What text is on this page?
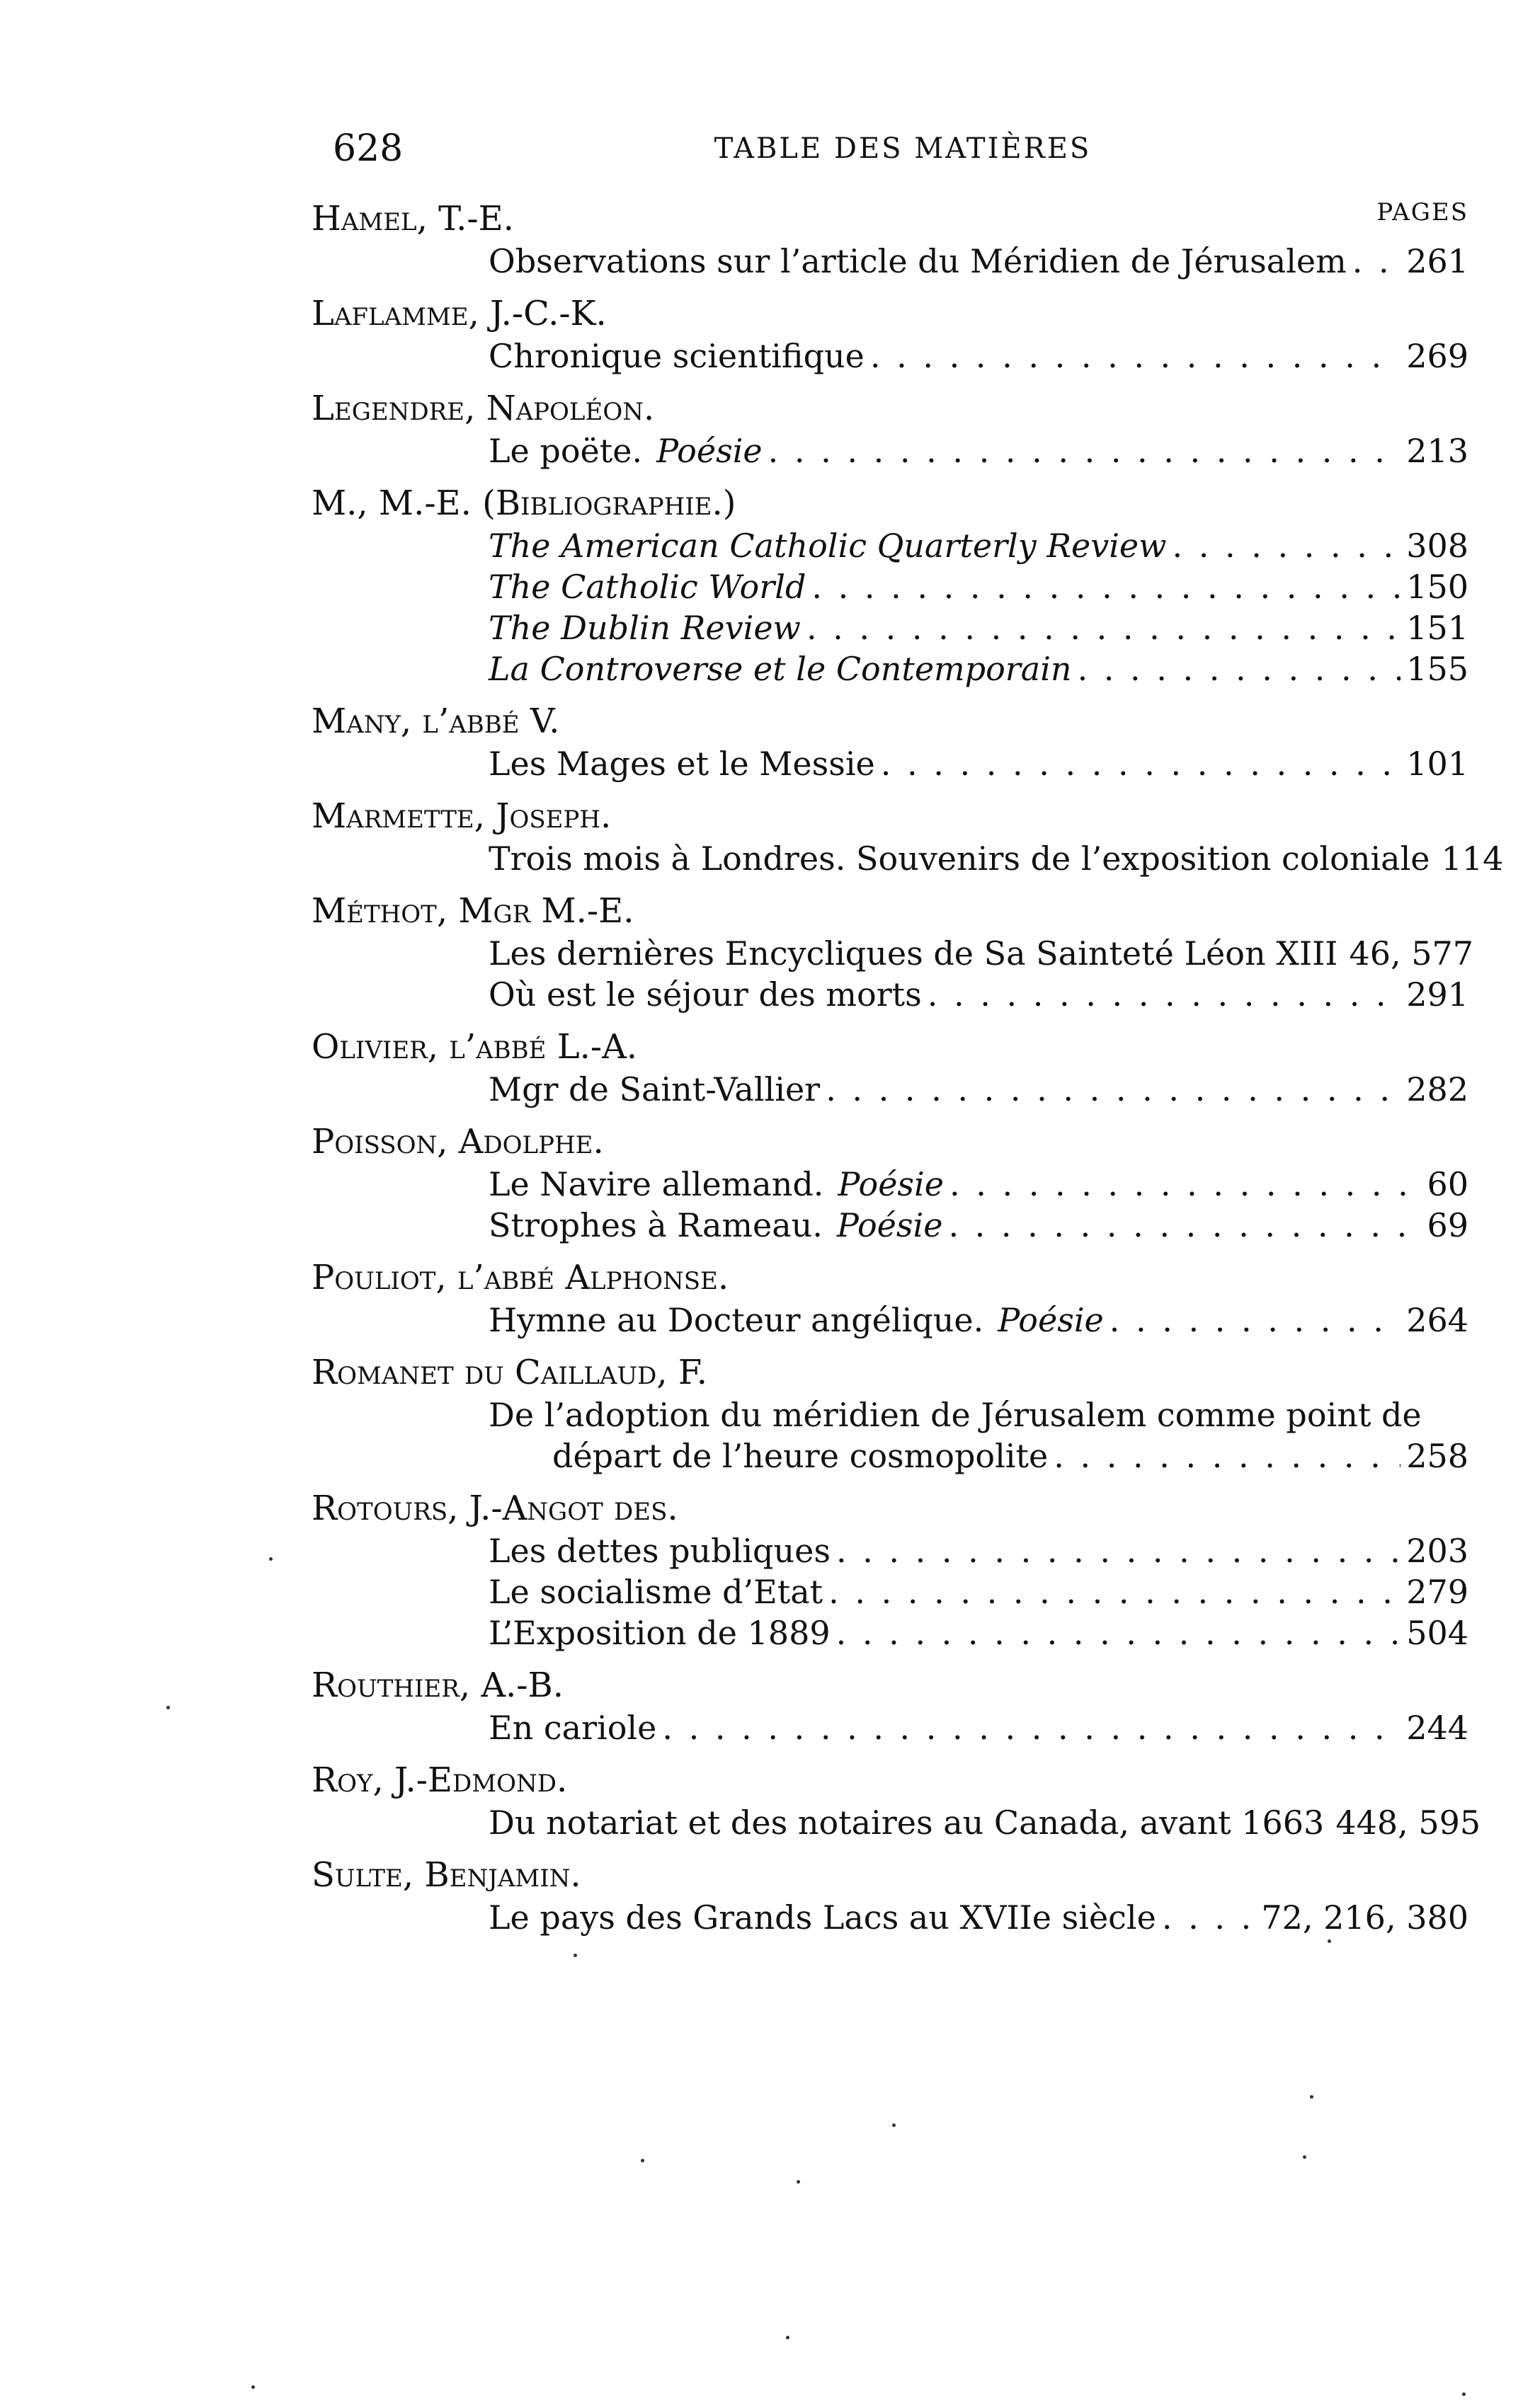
628	TABLE DES MATIÈRES
PAGES
Hamel, T.-E.
Observations sur l’article du Méridien de Jérusalem . . . 261
Laflamme, J.-C.-K.
Chronique scientifique . . .	269
Legendre, Napoléon.
Le poëte. Poésie . . .	213
M., M.-E. (Bibliographie.)
The American Catholic Quarterly Review . . .	308
The Catholic World . . .	150
The Dublin Review . . .	151
La Controverse et le Contemporain . . .	155
Many, l’abbé V.
Les Mages et le Messie . . .	101
Marmette, Joseph.
Trois mois à Londres. Souvenirs de l’exposition coloniale 114
Méthot, Mgr M.-E.
Les dernières Encycliques de Sa Sainteté Léon XIII 46, 577
Où est le séjour des morts . . .	291
Olivier, l’abbé L.-A.
Mgr de Saint-Vallier . . .	282
Poisson, Adolphe.
Le Navire allemand. Poésie . . .	60
Strophes à Rameau. Poésie . . .	69
Pouliot, l’abbé Alphonse.
Hymne au Docteur angélique. Poésie . . .	264
Romanet du Caillaud, F.
De l’adoption du méridien de Jérusalem comme point de
départ de l’heure cosmopolite . . .	258
Rotours, J.-Angot des.
Les dettes publiques . . .	203
Le socialisme d’Etat . . .	279
L’Exposition de 1889 . . .	504
Routhier, A.-B.
En cariole . . .	244
Roy, J.-Edmond.
Du notariat et des notaires au Canada, avant 1663 448, 595
Sulte, Benjamin.
Le pays des Grands Lacs au XVIIe siècle . . .	72, 216, 380
